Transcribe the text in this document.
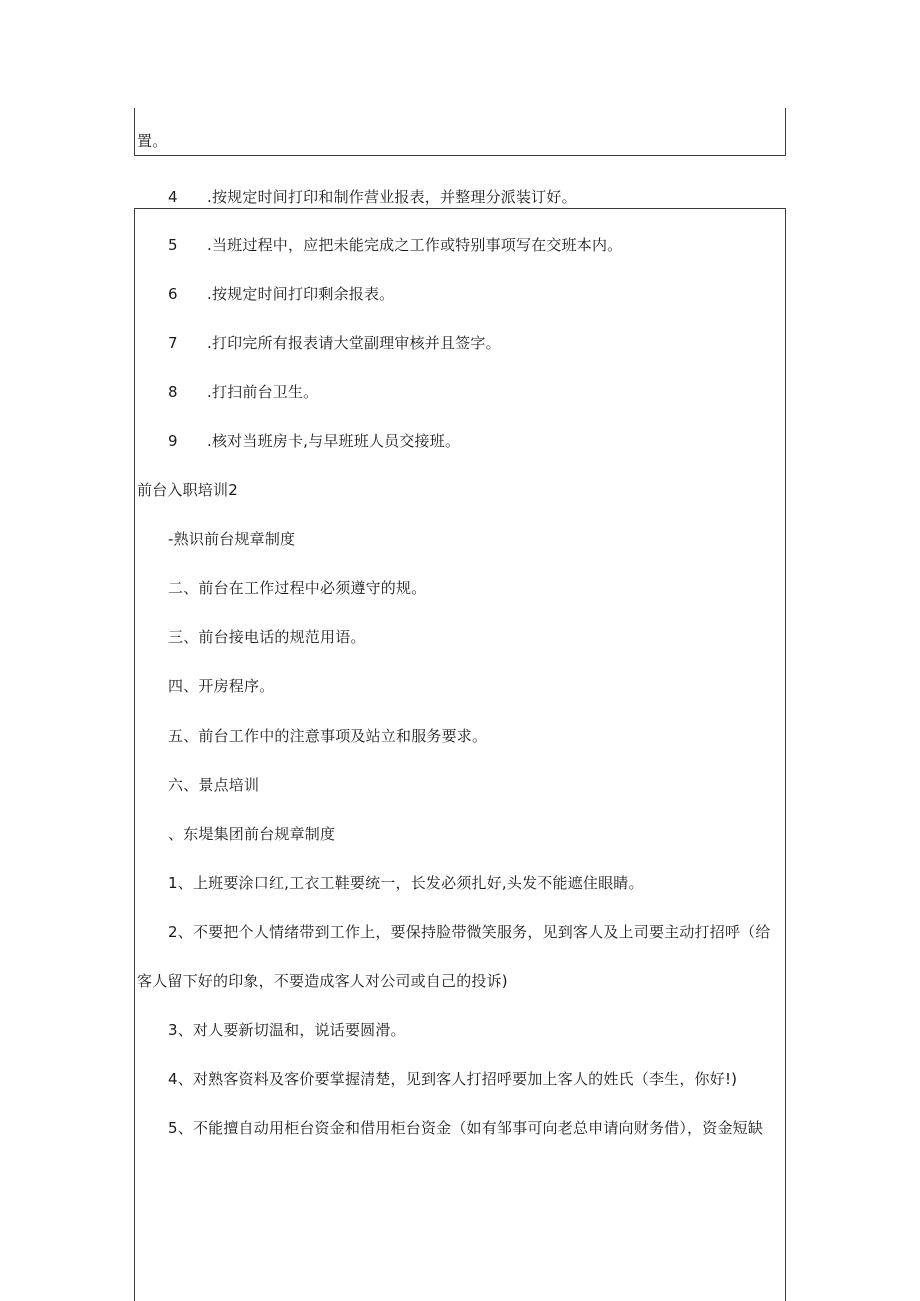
置。
4 .按规定时间打印和制作营业报表，并整理分派装订好。
5 .当班过程中，应把未能完成之工作或特别事项写在交班本内。
6 .按规定时间打印剩余报表。
7 .打印完所有报表请大堂副理审核并且签字。
8 .打扫前台卫生。
9 .核对当班房卡,与早班班人员交接班。
前台入职培训2
-熟识前台规章制度
二、前台在工作过程中必须遵守的规。
三、前台接电话的规范用语。
四、开房程序。
五、前台工作中的注意事项及站立和服务要求。
六、景点培训
、东堤集团前台规章制度
1、上班要涂口红,工衣工鞋要统一，长发必须扎好,头发不能遮住眼睛。
2、不要把个人情绪带到工作上，要保持脸带微笑服务，见到客人及上司要主动打招呼（给
客人留下好的印象，不要造成客人对公司或自己的投诉)
3、对人要新切温和，说话要圆滑。
4、对熟客资料及客价要掌握清楚，见到客人打招呼要加上客人的姓氏（李生，你好!)
5、不能擅自动用柜台资金和借用柜台资金（如有邹事可向老总申请向财务借），资金短缺
